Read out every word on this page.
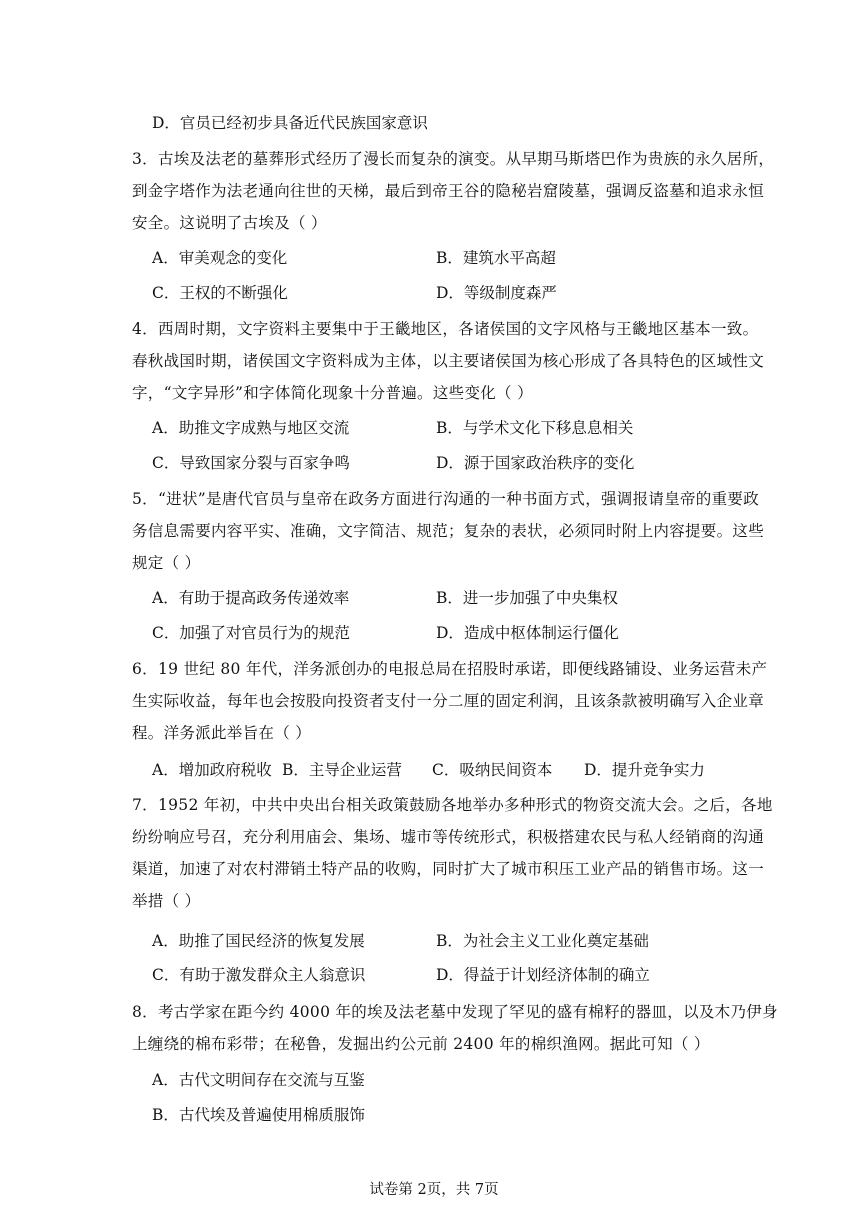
D．官员已经初步具备近代民族国家意识
3．古埃及法老的墓葬形式经历了漫长而复杂的演变。从早期马斯塔巴作为贵族的永久居所，
到金字塔作为法老通向往世的天梯，最后到帝王谷的隐秘岩窟陵墓，强调反盗墓和追求永恒
安全。这说明了古埃及（ ）
A．审美观念的变化	B．建筑水平高超
C．王权的不断强化	D．等级制度森严
4．西周时期，文字资料主要集中于王畿地区，各诸侯国的文字风格与王畿地区基本一致。
春秋战国时期，诸侯国文字资料成为主体，以主要诸侯国为核心形成了各具特色的区域性文
字，“文字异形”和字体简化现象十分普遍。这些变化（ ）
A．助推文字成熟与地区交流	B．与学术文化下移息息相关
C．导致国家分裂与百家争鸣	D．源于国家政治秩序的变化
5．“进状”是唐代官员与皇帝在政务方面进行沟通的一种书面方式，强调报请皇帝的重要政
务信息需要内容平实、准确，文字简洁、规范；复杂的表状，必须同时附上内容提要。这些
规定（ ）
A．有助于提高政务传递效率	B．进一步加强了中央集权
C．加强了对官员行为的规范	D．造成中枢体制运行僵化
6．19 世纪 80 年代，洋务派创办的电报总局在招股时承诺，即便线路铺设、业务运营未产
生实际收益，每年也会按股向投资者支付一分二厘的固定利润，且该条款被明确写入企业章
程。洋务派此举旨在（ ）
A．增加政府税收 B．主导企业运营 C．吸纳民间资本 D．提升竞争实力
7．1952 年初，中共中央出台相关政策鼓励各地举办多种形式的物资交流大会。之后，各地
纷纷响应号召，充分利用庙会、集场、墟市等传统形式，积极搭建农民与私人经销商的沟通
渠道，加速了对农村滞销土特产品的收购，同时扩大了城市积压工业产品的销售市场。这一
举措（ ）
A．助推了国民经济的恢复发展	B．为社会主义工业化奠定基础
C．有助于激发群众主人翁意识	D．得益于计划经济体制的确立
8．考古学家在距今约 4000 年的埃及法老墓中发现了罕见的盛有棉籽的器皿，以及木乃伊身
上缠绕的棉布彩带；在秘鲁，发掘出约公元前 2400 年的棉织渔网。据此可知（ ）
A．古代文明间存在交流与互鉴
B．古代埃及普遍使用棉质服饰
试卷第 2页，共 7页
